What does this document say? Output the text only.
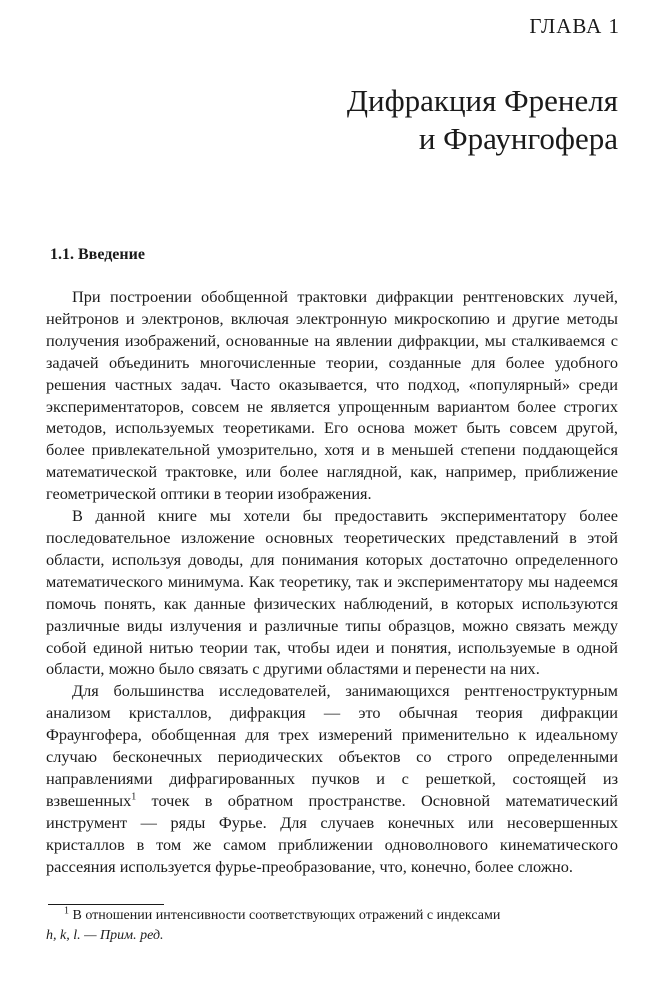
ГЛАВА 1
Дифракция Френеля
и Фраунгофера
1.1. Введение

При построении обобщенной трактовки дифракции рентгеновских лучей, нейтронов и электронов, включая электронную микроскопию и другие методы получения изображений, основанные на явлении дифракции, мы сталкиваемся с задачей объединить многочисленные теории, созданные для более удобного решения частных задач. Часто оказывается, что подход, «популярный» среди экспериментаторов, совсем не является упрощенным вариантом более строгих методов, используемых теоретиками. Его основа может быть совсем другой, более привлекательной умозрительно, хотя и в меньшей степени поддающейся математической трактовке, или более наглядной, как, например, приближение геометрической оптики в теории изображения.

В данной книге мы хотели бы предоставить экспериментатору более последовательное изложение основных теоретических представлений в этой области, используя доводы, для понимания которых достаточно определенного математического минимума. Как теоретику, так и экспериментатору мы надеемся помочь понять, как данные физических наблюдений, в которых используются различные виды излучения и различные типы образцов, можно связать между собой единой нитью теории так, чтобы идеи и понятия, используемые в одной области, можно было связать с другими областями и перенести на них.

Для большинства исследователей, занимающихся рентгеноструктурным анализом кристаллов, дифракция — это обычная теория дифракции Фраунгофера, обобщенная для трех измерений применительно к идеальному случаю бесконечных периодических объектов со строго определенными направлениями дифрагированных пучков и с решеткой, состоящей из взвешенных$^1$ точек в обратном пространстве. Основной математический инструмент — ряды Фурье. Для случаев конечных или несовершенных кристаллов в том же самом приближении одноволнового кинематического рассеяния используется фурье-преобразование, что, конечно, более сложно.

$^1$ В отношении интенсивности соответствующих отражений с индексами
h, k, l. — Прим. ред.
